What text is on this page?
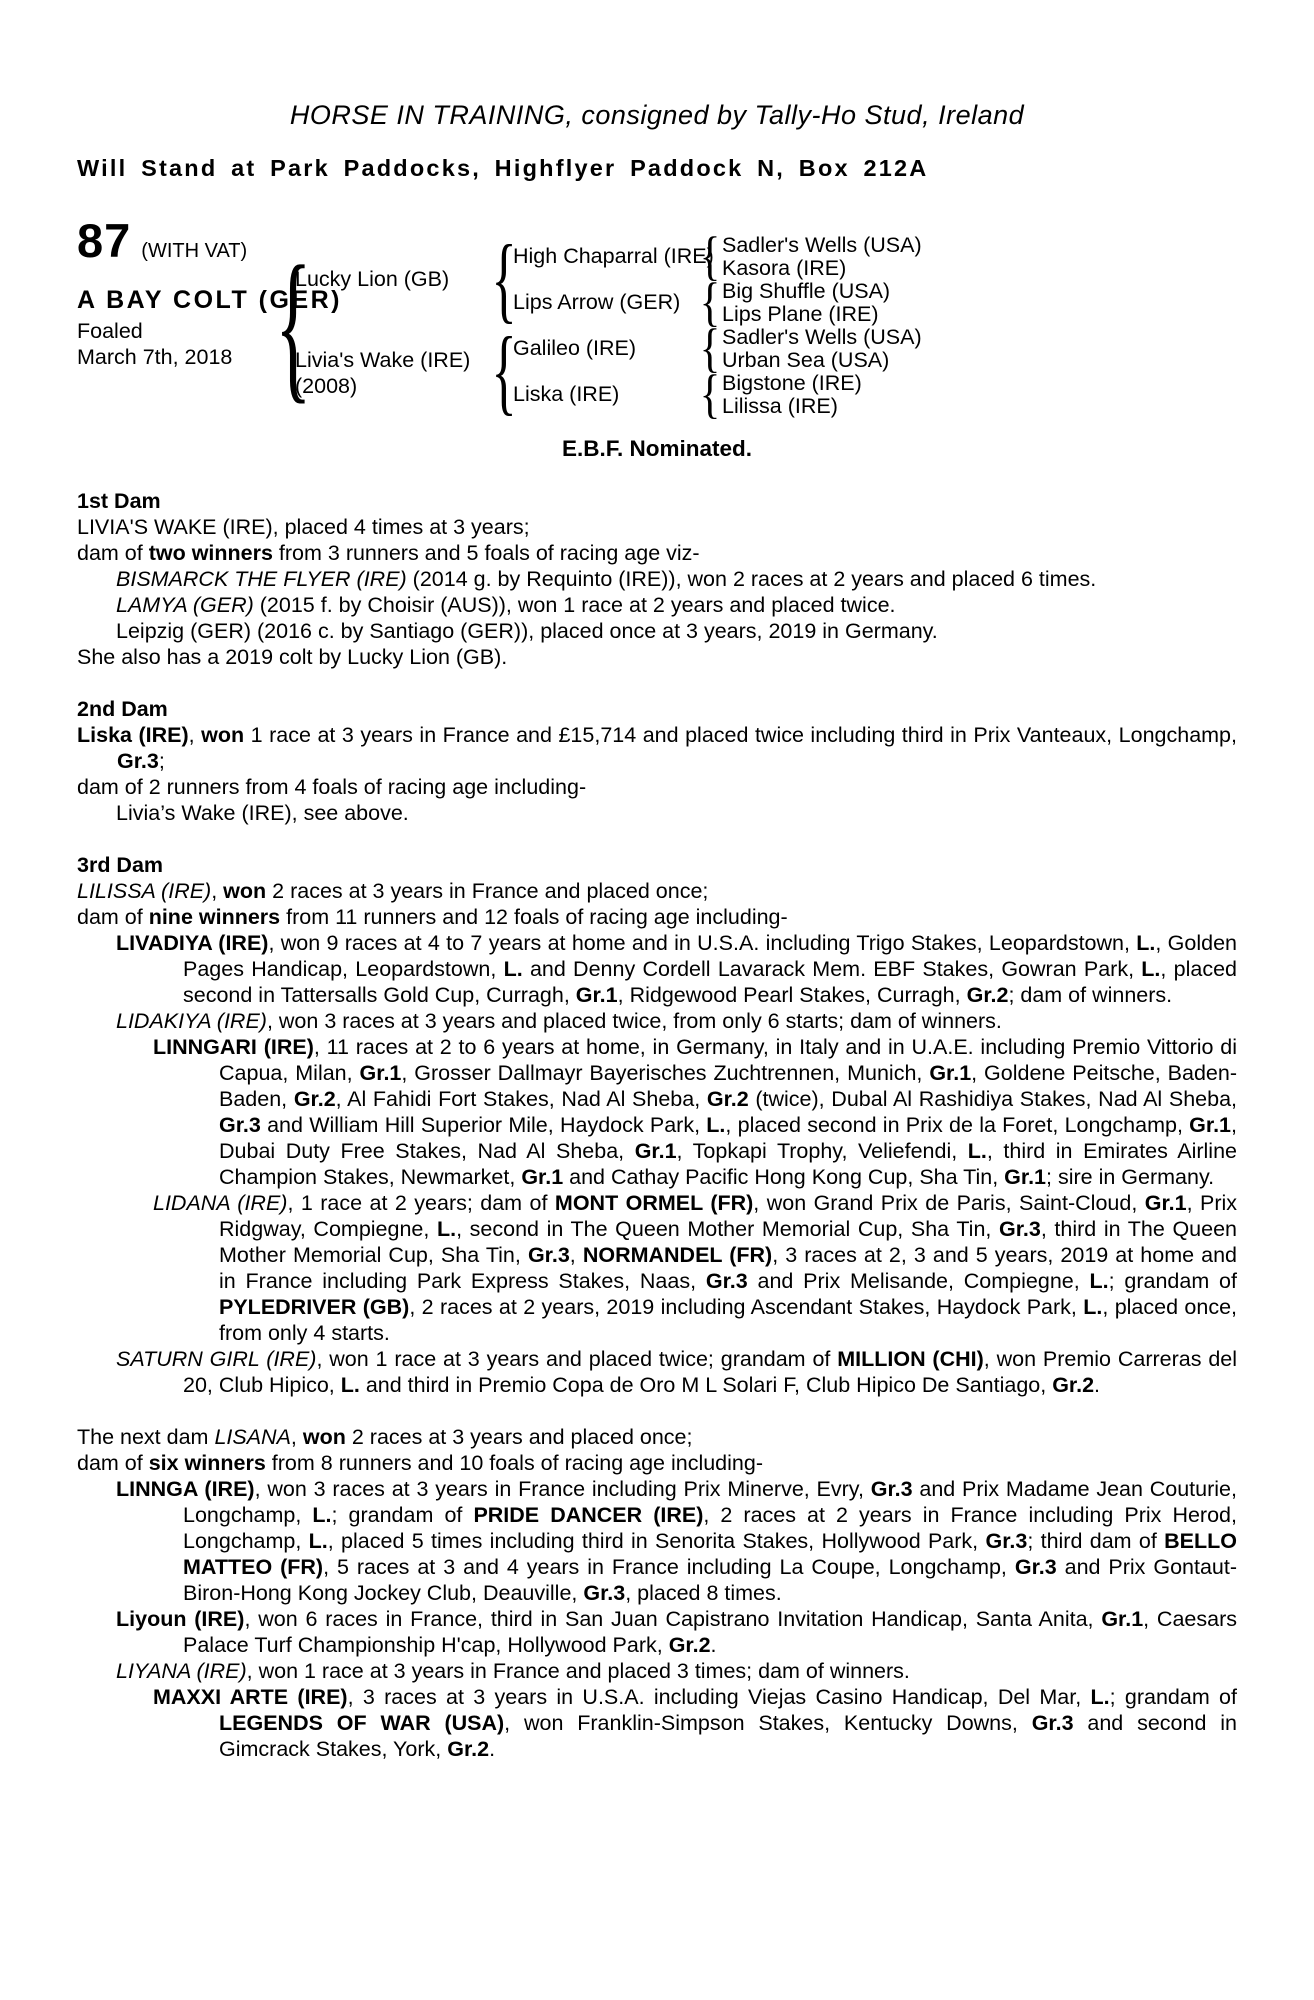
HORSE IN TRAINING, consigned by Tally-Ho Stud, Ireland
Will Stand at Park Paddocks, Highflyer Paddock N, Box 212A
87 (WITH VAT)
A BAY COLT (GER)
Foaled
March 7th, 2018 {
Lucky Lion (GB)
Livia's Wake (IRE)
(2008)
{
{
High Chaparral (IRE)
Lips Arrow (GER)
Galileo (IRE)
Liska (IRE)
{
{
{
{
Sadler's Wells (USA)
Kasora (IRE)
Big Shuffle (USA)
Lips Plane (IRE)
Sadler's Wells (USA)
Urban Sea (USA)
Bigstone (IRE)
Lilissa (IRE)
E.B.F. Nominated.
1st Dam

LIVIA'S WAKE (IRE), placed 4 times at 3 years;

dam of two winners from 3 runners and 5 foals of racing age viz-

BISMARCK THE FLYER (IRE) (2014 g. by Requinto (IRE)), won 2 races at 2 years and placed 6 times.

LAMYA (GER) (2015 f. by Choisir (AUS)), won 1 race at 2 years and placed twice.

Leipzig (GER) (2016 c. by Santiago (GER)), placed once at 3 years, 2019 in Germany.

She also has a 2019 colt by Lucky Lion (GB).

2nd Dam

Liska (IRE), won 1 race at 3 years in France and £15,714 and placed twice including third in Prix Vanteaux, Longchamp, Gr.3;

dam of 2 runners from 4 foals of racing age including-

Livia’s Wake (IRE), see above.

3rd Dam

LILISSA (IRE), won 2 races at 3 years in France and placed once;

dam of nine winners from 11 runners and 12 foals of racing age including-

LIVADIYA (IRE), won 9 races at 4 to 7 years at home and in U.S.A. including Trigo Stakes, Leopardstown, L., Golden Pages Handicap, Leopardstown, L. and Denny Cordell Lavarack Mem. EBF Stakes, Gowran Park, L., placed second in Tattersalls Gold Cup, Curragh, Gr.1, Ridgewood Pearl Stakes, Curragh, Gr.2; dam of winners.

LIDAKIYA (IRE), won 3 races at 3 years and placed twice, from only 6 starts; dam of winners.

LINNGARI (IRE), 11 races at 2 to 6 years at home, in Germany, in Italy and in U.A.E. including Premio Vittorio di Capua, Milan, Gr.1, Grosser Dallmayr Bayerisches Zuchtrennen, Munich, Gr.1, Goldene Peitsche, Baden-Baden, Gr.2, Al Fahidi Fort Stakes, Nad Al Sheba, Gr.2 (twice), Dubal Al Rashidiya Stakes, Nad Al Sheba, Gr.3 and William Hill Superior Mile, Haydock Park, L., placed second in Prix de la Foret, Longchamp, Gr.1, Dubai Duty Free Stakes, Nad Al Sheba, Gr.1, Topkapi Trophy, Veliefendi, L., third in Emirates Airline Champion Stakes, Newmarket, Gr.1 and Cathay Pacific Hong Kong Cup, Sha Tin, Gr.1; sire in Germany.

LIDANA (IRE), 1 race at 2 years; dam of MONT ORMEL (FR), won Grand Prix de Paris, Saint-Cloud, Gr.1, Prix Ridgway, Compiegne, L., second in The Queen Mother Memorial Cup, Sha Tin, Gr.3, third in The Queen Mother Memorial Cup, Sha Tin, Gr.3, NORMANDEL (FR), 3 races at 2, 3 and 5 years, 2019 at home and in France including Park Express Stakes, Naas, Gr.3 and Prix Melisande, Compiegne, L.; grandam of PYLEDRIVER (GB), 2 races at 2 years, 2019 including Ascendant Stakes, Haydock Park, L., placed once, from only 4 starts.

SATURN GIRL (IRE), won 1 race at 3 years and placed twice; grandam of MILLION (CHI), won Premio Carreras del 20, Club Hipico, L. and third in Premio Copa de Oro M L Solari F, Club Hipico De Santiago, Gr.2.

The next dam LISANA, won 2 races at 3 years and placed once;

dam of six winners from 8 runners and 10 foals of racing age including-

LINNGA (IRE), won 3 races at 3 years in France including Prix Minerve, Evry, Gr.3 and Prix Madame Jean Couturie, Longchamp, L.; grandam of PRIDE DANCER (IRE), 2 races at 2 years in France including Prix Herod, Longchamp, L., placed 5 times including third in Senorita Stakes, Hollywood Park, Gr.3; third dam of BELLO MATTEO (FR), 5 races at 3 and 4 years in France including La Coupe, Longchamp, Gr.3 and Prix Gontaut-Biron-Hong Kong Jockey Club, Deauville, Gr.3, placed 8 times.

Liyoun (IRE), won 6 races in France, third in San Juan Capistrano Invitation Handicap, Santa Anita, Gr.1, Caesars Palace Turf Championship H'cap, Hollywood Park, Gr.2.

LIYANA (IRE), won 1 race at 3 years in France and placed 3 times; dam of winners.

MAXXI ARTE (IRE), 3 races at 3 years in U.S.A. including Viejas Casino Handicap, Del Mar, L.; grandam of LEGENDS OF WAR (USA), won Franklin-Simpson Stakes, Kentucky Downs, Gr.3 and second in Gimcrack Stakes, York, Gr.2.
